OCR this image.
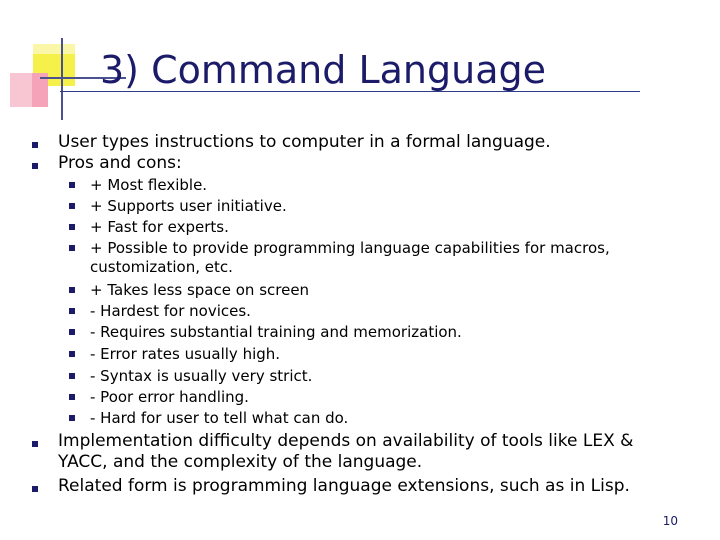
3) Command Language
User types instructions to computer in a formal language.
Pros and cons:
+ Most flexible.
+ Supports user initiative.
+ Fast for experts.
+ Possible to provide programming language capabilities for macros,
customization, etc.
+ Takes less space on screen
- Hardest for novices.
- Requires substantial training and memorization.
- Error rates usually high.
- Syntax is usually very strict.
- Poor error handling.
- Hard for user to tell what can do.
Implementation difficulty depends on availability of tools like LEX &
YACC, and the complexity of the language.
Related form is programming language extensions, such as in Lisp.
10
